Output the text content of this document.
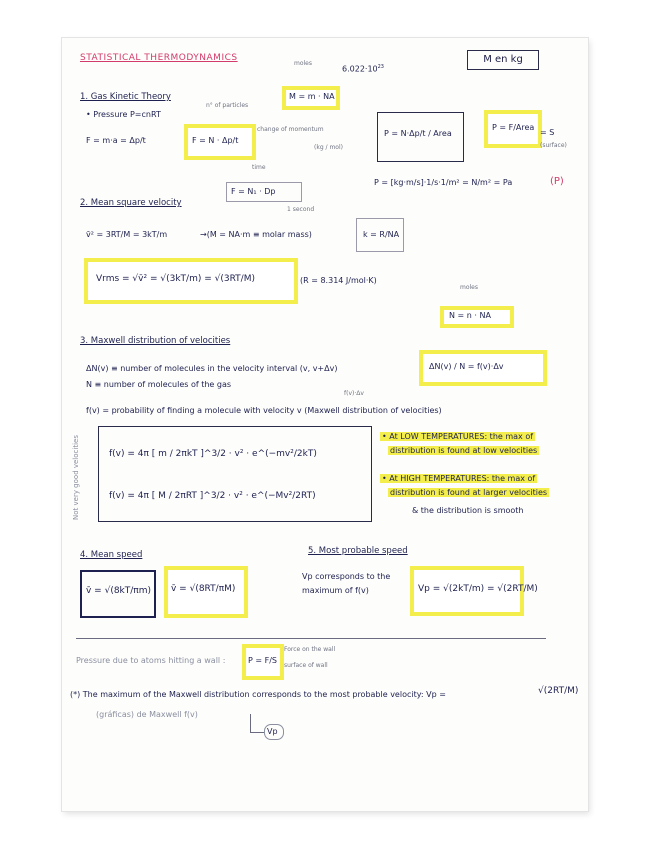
STATISTICAL THERMODYNAMICS	M en kg
moles
$6.022\cdot 10^{23}$
1. Gas Kinetic Theory
• Pressure P=cnRT
F = m·a = Δp/t	F = N · Δp/t
n° of particles
change of momentum
time
F = N₁ · Dp
1 second
M = m · NA
(kg / mol)
P = N·Δp/t / Area
P = F/Area
= S
(surface)
P = [kg·m/s]·1/s·1/m² = N/m² = Pa	(P)
2. Mean square velocity
v̄² = 3RT/M = 3kT/m	→(M = NA·m ≡ molar mass)	k = R/NA
Vrms = √v̄² = √(3kT/m) = √(3RT/M)	(R = 8.314 J/mol·K)
moles
N = n · NA
3. Maxwell distribution of velocities
ΔN(v) ≡ number of molecules in the velocity interval (v, v+Δv)
N ≡ number of molecules of the gas
f(v)·Δv
f(v) = probability of finding a molecule with velocity v (Maxwell distribution of velocities)
ΔN(v) / N = f(v)·Δv
f(v) = 4π [ m / 2πkT ]^3/2 · v² · e^(−mv²/2kT)
f(v) = 4π [ M / 2πRT ]^3/2 · v² · e^(−Mv²/2RT)
Not very good velocities	• At LOW TEMPERATURES: the max of
distribution is found at low velocities
• At HIGH TEMPERATURES: the max of
distribution is found at larger velocities
& the distribution is smooth
4. Mean speed
v̄ = √(8kT/πm) v̄ = √(8RT/πM)
5. Most probable speed
Vp corresponds to the
maximum of f(v)	Vp = √(2kT/m) = √(2RT/M)
Pressure due to atoms hitting a wall :	P = F/S
Force on the wall
surface of wall
(*) The maximum of the Maxwell distribution corresponds to the most probable velocity: Vp =	√(2RT/M)
(gráficas) de Maxwell f(v)
Vp
